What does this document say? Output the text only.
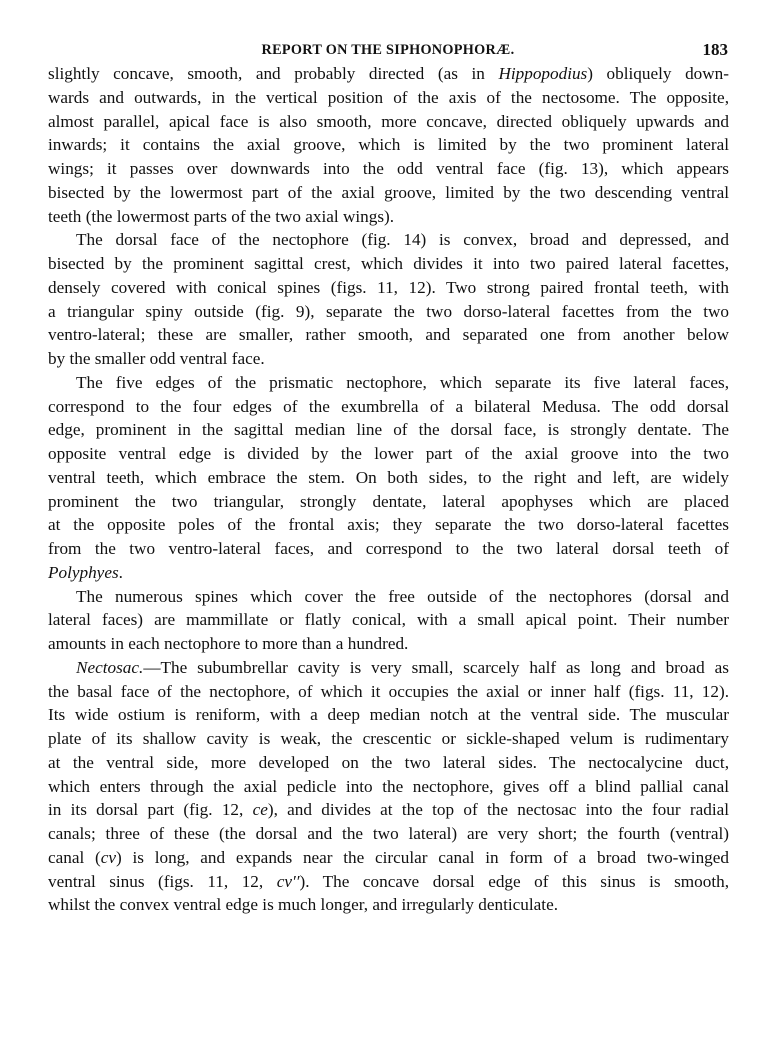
REPORT ON THE SIPHONOPHORÆ.	183
slightly concave, smooth, and probably directed (as in Hippopodius) obliquely down-
wards and outwards, in the vertical position of the axis of the nectosome. The opposite,
almost parallel, apical face is also smooth, more concave, directed obliquely upwards and
inwards; it contains the axial groove, which is limited by the two prominent lateral
wings; it passes over downwards into the odd ventral face (fig. 13), which appears
bisected by the lowermost part of the axial groove, limited by the two descending ventral
teeth (the lowermost parts of the two axial wings).
The dorsal face of the nectophore (fig. 14) is convex, broad and depressed, and
bisected by the prominent sagittal crest, which divides it into two paired lateral facettes,
densely covered with conical spines (figs. 11, 12). Two strong paired frontal teeth, with
a triangular spiny outside (fig. 9), separate the two dorso-lateral facettes from the two
ventro-lateral; these are smaller, rather smooth, and separated one from another below
by the smaller odd ventral face.
The five edges of the prismatic nectophore, which separate its five lateral faces,
correspond to the four edges of the exumbrella of a bilateral Medusa. The odd dorsal
edge, prominent in the sagittal median line of the dorsal face, is strongly dentate. The
opposite ventral edge is divided by the lower part of the axial groove into the two
ventral teeth, which embrace the stem. On both sides, to the right and left, are widely
prominent the two triangular, strongly dentate, lateral apophyses which are placed
at the opposite poles of the frontal axis; they separate the two dorso-lateral facettes
from the two ventro-lateral faces, and correspond to the two lateral dorsal teeth of
Polyphyes.
The numerous spines which cover the free outside of the nectophores (dorsal and
lateral faces) are mammillate or flatly conical, with a small apical point. Their number
amounts in each nectophore to more than a hundred.
Nectosac.—The subumbrellar cavity is very small, scarcely half as long and broad as
the basal face of the nectophore, of which it occupies the axial or inner half (figs. 11, 12).
Its wide ostium is reniform, with a deep median notch at the ventral side. The muscular
plate of its shallow cavity is weak, the crescentic or sickle-shaped velum is rudimentary
at the ventral side, more developed on the two lateral sides. The nectocalycine duct,
which enters through the axial pedicle into the nectophore, gives off a blind pallial canal
in its dorsal part (fig. 12, ce), and divides at the top of the nectosac into the four radial
canals; three of these (the dorsal and the two lateral) are very short; the fourth (ventral)
canal (cv) is long, and expands near the circular canal in form of a broad two-winged
ventral sinus (figs. 11, 12, cv′′). The concave dorsal edge of this sinus is smooth,
whilst the convex ventral edge is much longer, and irregularly denticulate.
